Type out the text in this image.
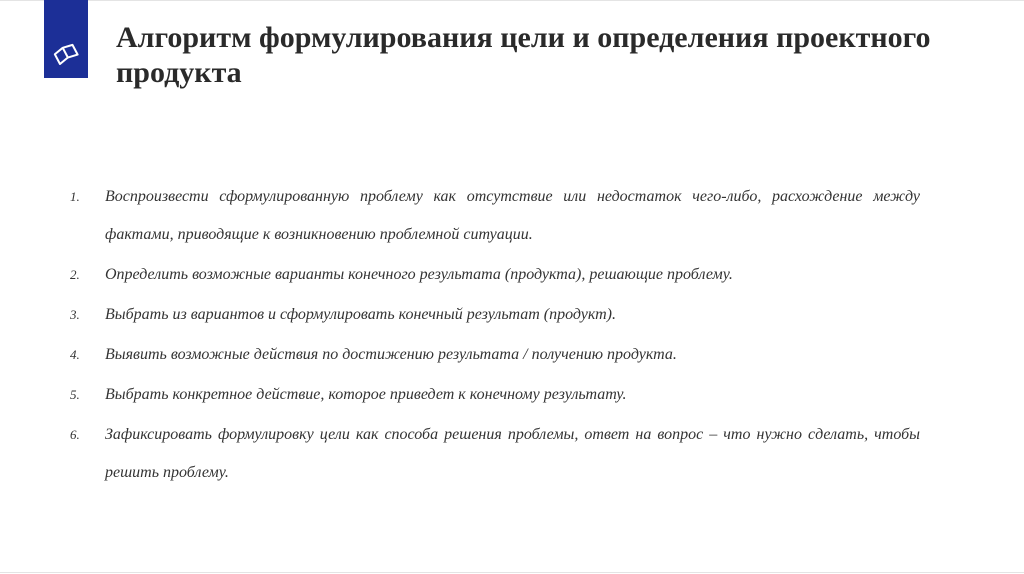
Алгоритм формулирования цели и определения проектного продукта
1.	Воспроизвести сформулированную проблему как отсутствие или недостаток чего-либо, расхождение между фактами, приводящие к возникновению проблемной ситуации.
2.	Определить возможные варианты конечного результата (продукта), решающие проблему.
3.	Выбрать из вариантов и сформулировать конечный результат (продукт).
4.	Выявить возможные действия по достижению результата / получению продукта.
5.	Выбрать конкретное действие, которое приведет к конечному результату.
6.	Зафиксировать формулировку цели как способа решения проблемы, ответ на вопрос – что нужно сделать, чтобы решить проблему.
